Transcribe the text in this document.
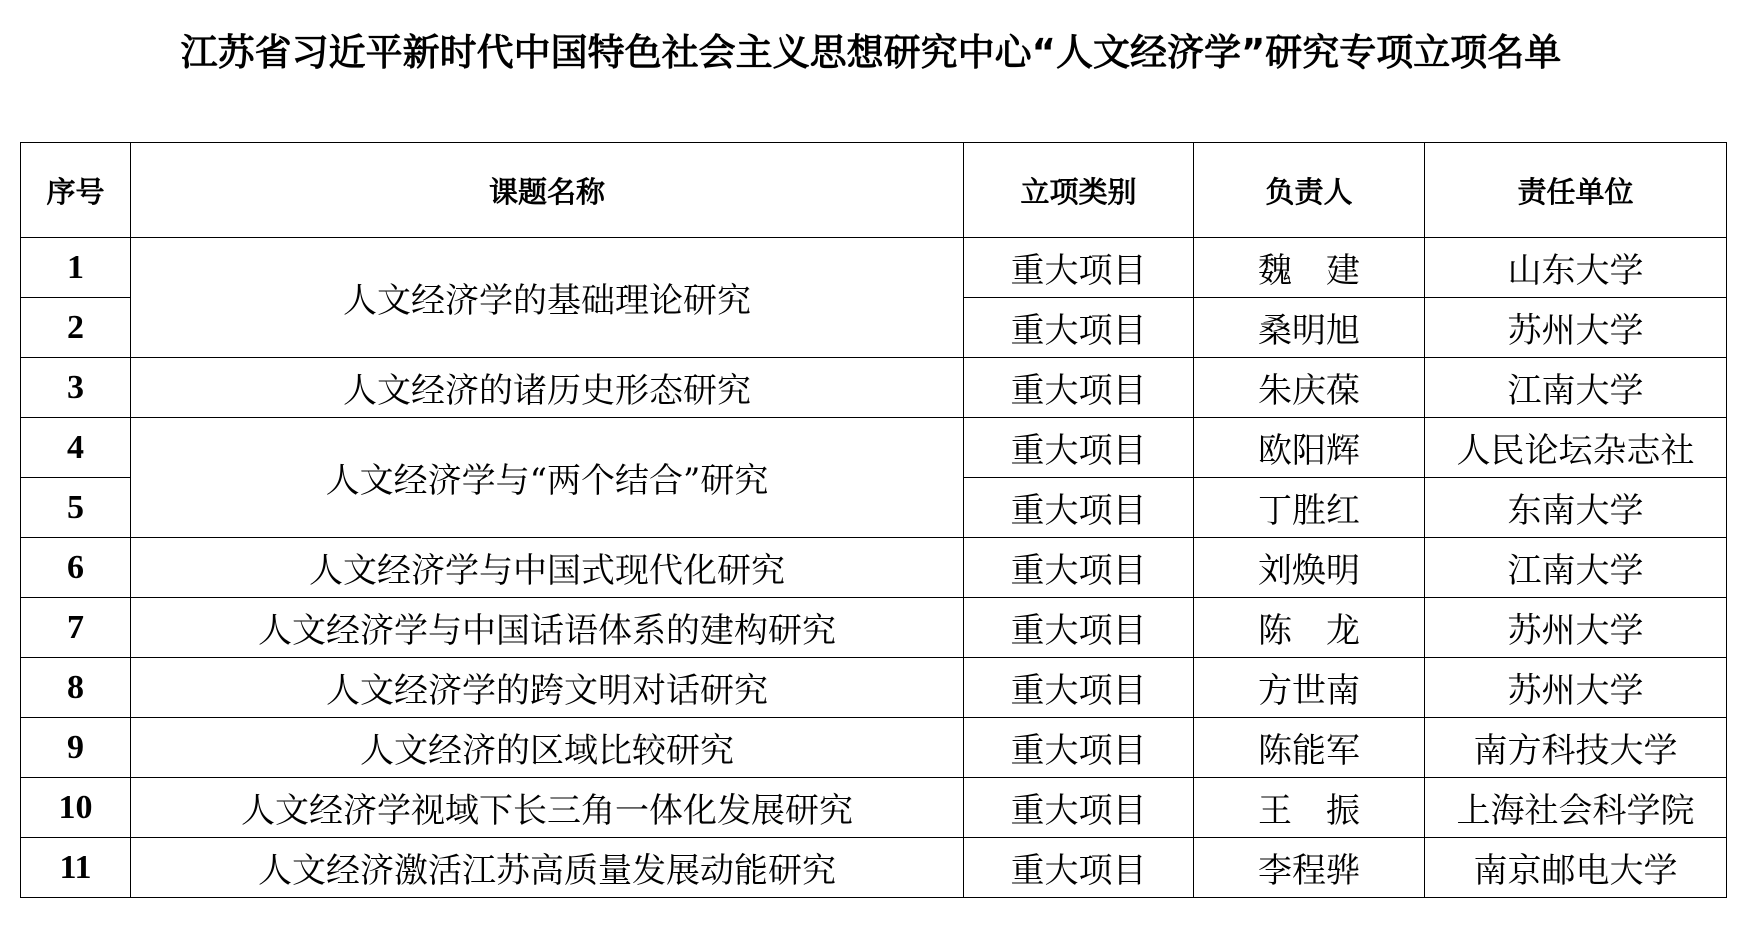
江苏省习近平新时代中国特色社会主义思想研究中心“人文经济学”研究专项立项名单
序号	课题名称	立项类别	负责人	责任单位
1	人文经济学的基础理论研究	重大项目	魏　建	山东大学
2		重大项目	桑明旭	苏州大学
3	人文经济的诸历史形态研究	重大项目	朱庆葆	江南大学
4	人文经济学与“两个结合”研究	重大项目	欧阳辉	人民论坛杂志社
5		重大项目	丁胜红	东南大学
6	人文经济学与中国式现代化研究	重大项目	刘焕明	江南大学
7	人文经济学与中国话语体系的建构研究	重大项目	陈　龙	苏州大学
8	人文经济学的跨文明对话研究	重大项目	方世南	苏州大学
9	人文经济的区域比较研究	重大项目	陈能军	南方科技大学
10	人文经济学视域下长三角一体化发展研究	重大项目	王　振	上海社会科学院
11	人文经济激活江苏高质量发展动能研究	重大项目	李程骅	南京邮电大学
